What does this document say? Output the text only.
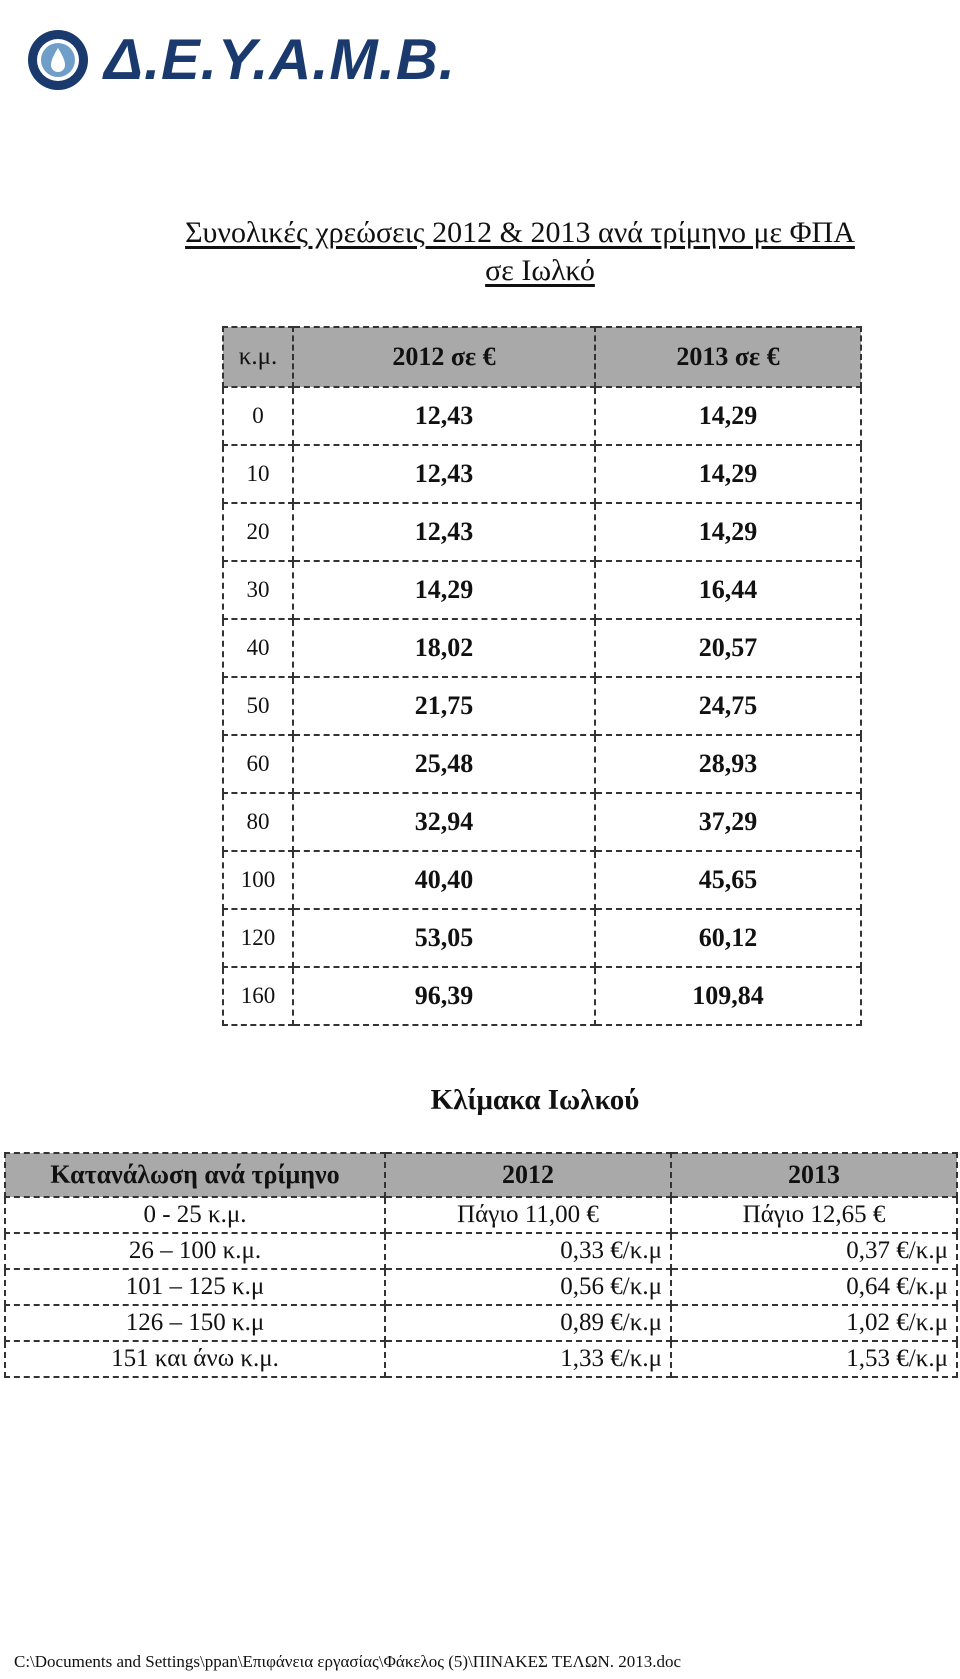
Δ.Ε.Υ.Α.Μ.Β.
Συνολικές χρεώσεις 2012 & 2013 ανά τρίμηνο με ΦΠΑ
σε Ιωλκό
κ.μ.	2012 σε €	2013 σε €
0	12,43	14,29
10	12,43	14,29
20	12,43	14,29
30	14,29	16,44
40	18,02	20,57
50	21,75	24,75
60	25,48	28,93
80	32,94	37,29
100	40,40	45,65
120	53,05	60,12
160	96,39	109,84
Κλίμακα Ιωλκού
Κατανάλωση ανά τρίμηνο	2012	2013
0 - 25 κ.μ.	Πάγιο 11,00 €	Πάγιο 12,65 €
26 – 100 κ.μ.	0,33 €/κ.μ	0,37 €/κ.μ
101 – 125 κ.μ	0,56 €/κ.μ	0,64 €/κ.μ
126 – 150 κ.μ	0,89 €/κ.μ	1,02 €/κ.μ
151 και άνω κ.μ.	1,33 €/κ.μ	1,53 €/κ.μ
C:\Documents and Settings\ppan\Επιφάνεια εργασίας\Φάκελος (5)\ΠΙΝΑΚΕΣ ΤΕΛΩΝ. 2013.doc
